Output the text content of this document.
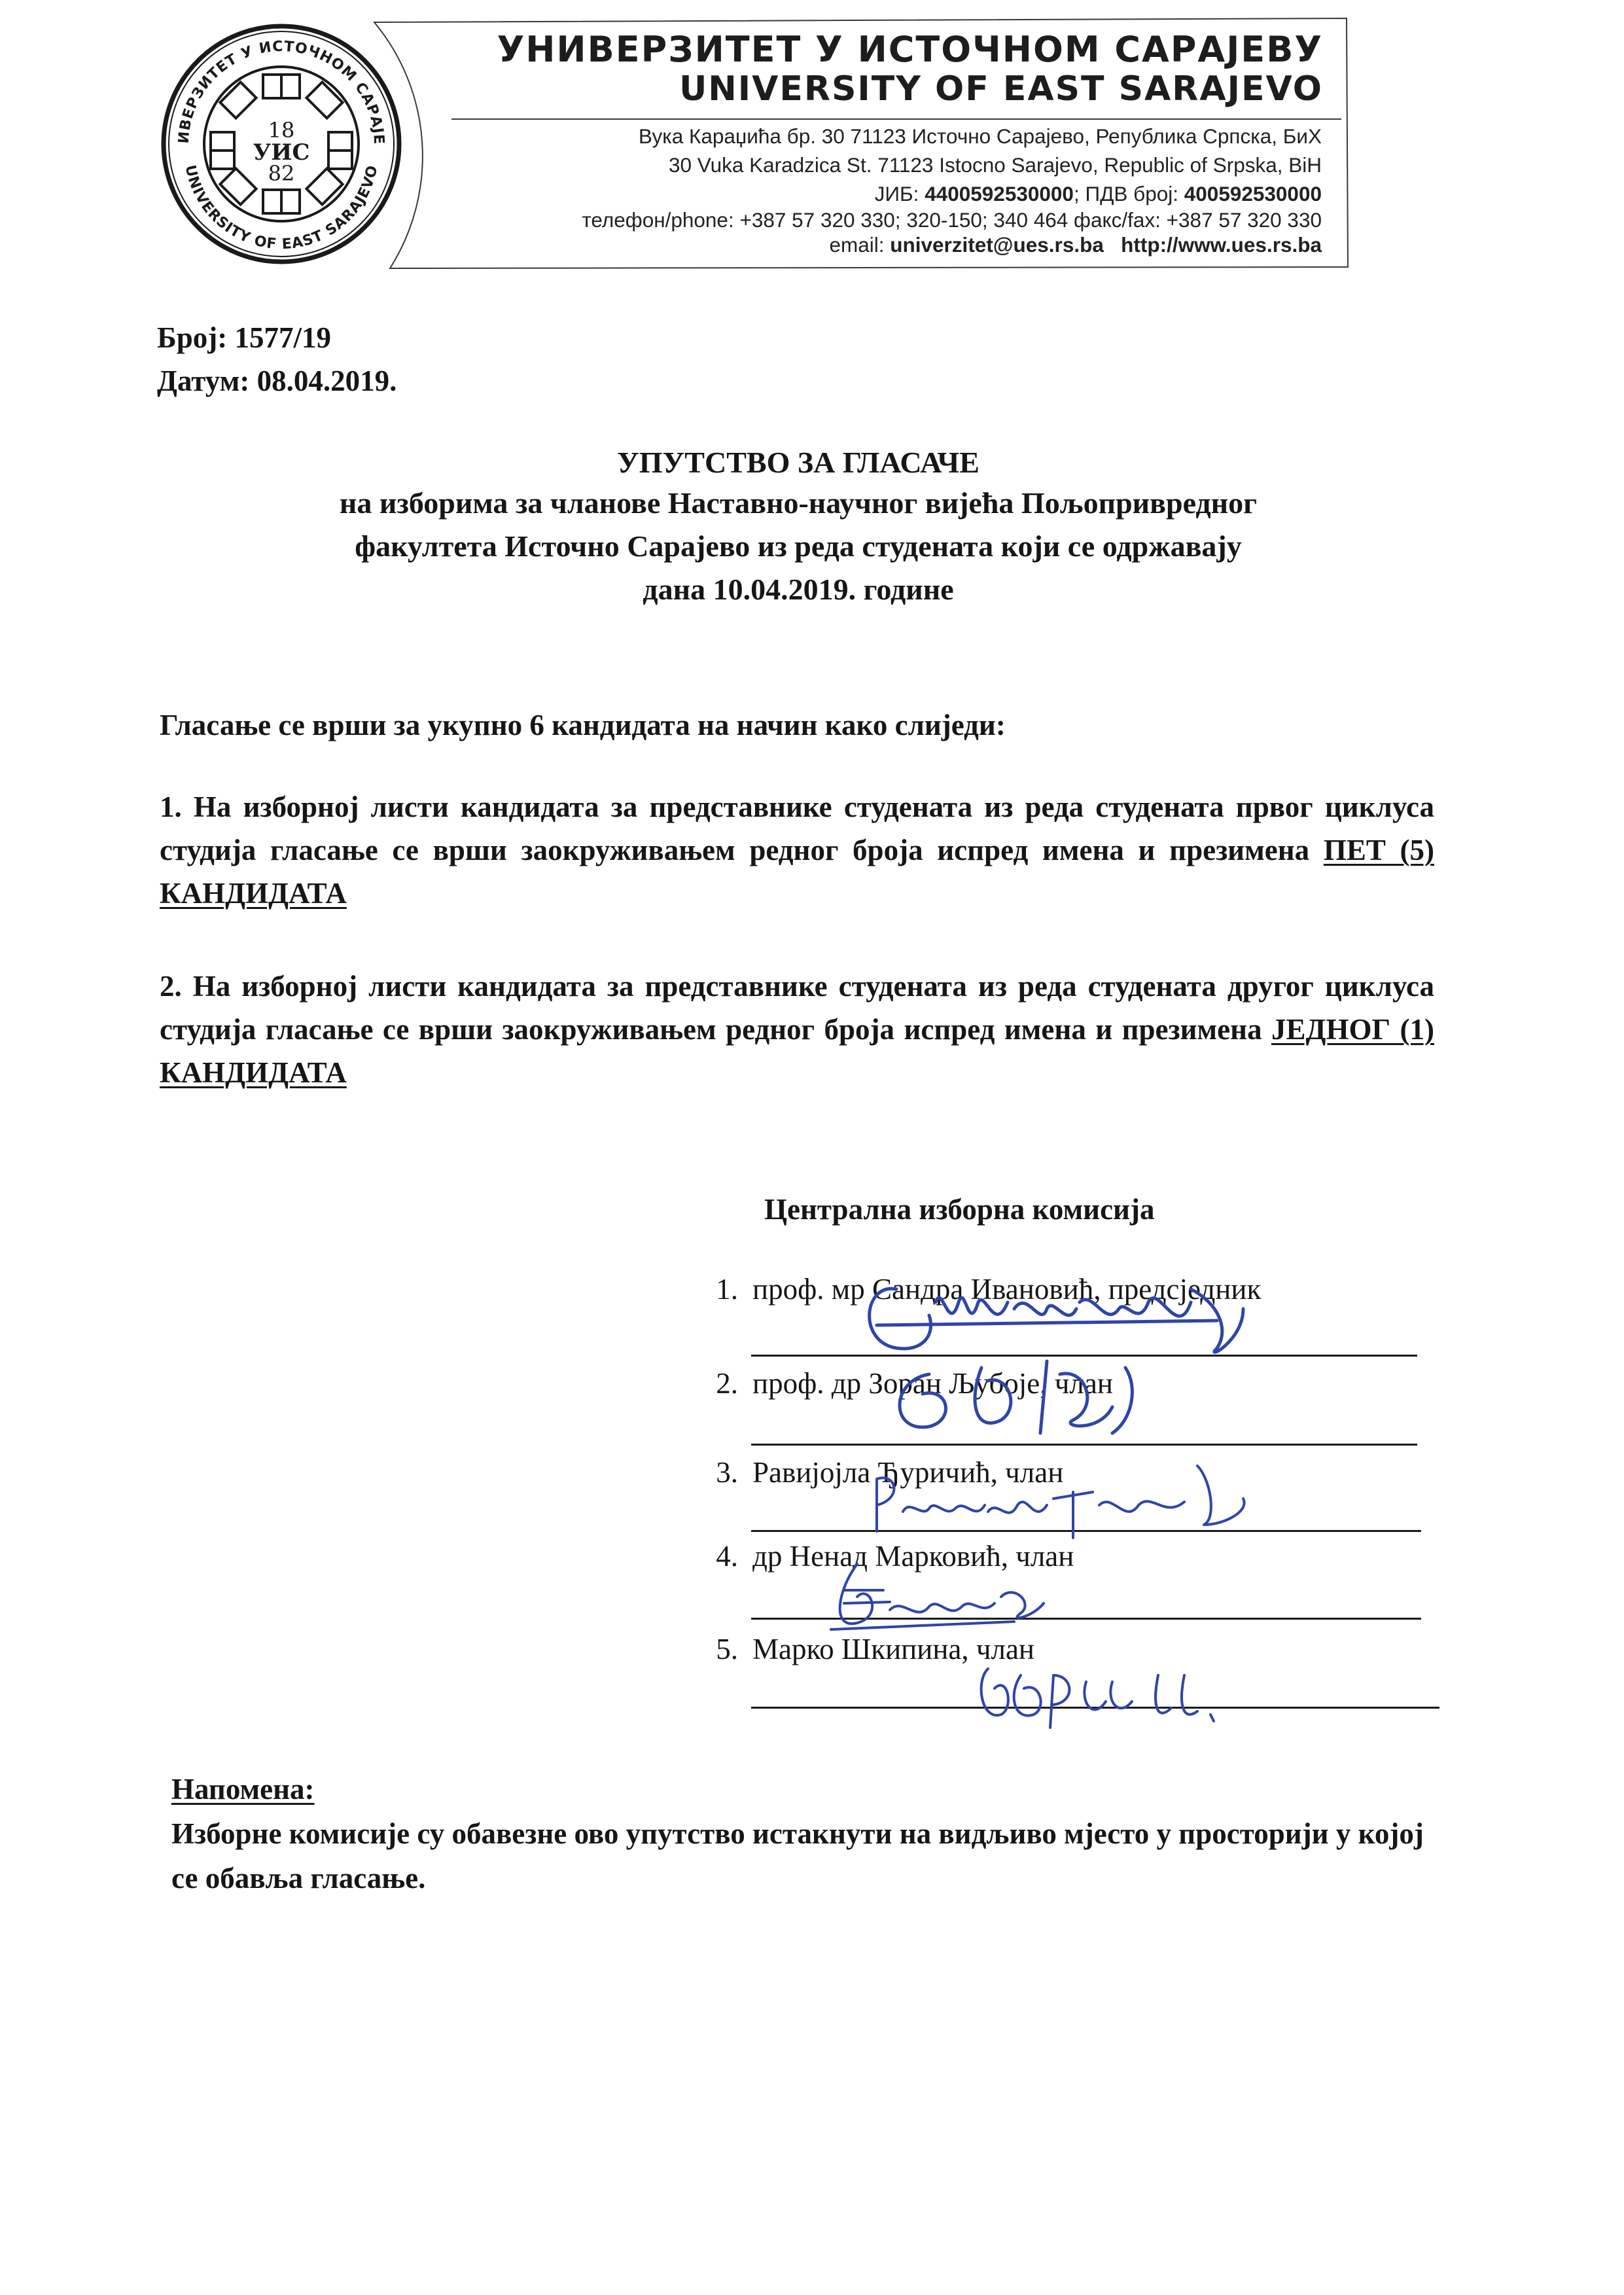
ИВЕРЗИТЕТ У ИСТОЧНОМ САРАЈЕ
UNIVERSITY OF EAST SARAJEVO
18
УИС
82
УНИВЕРЗИТЕТ У ИСТОЧНОМ САРАЈЕВУ
UNIVERSITY OF EAST SARAJEVO
Вука Караџића бр. 30 71123 Источно Сарајево, Република Српска, БиХ
30 Vuka Karadzica St. 71123 Istocno Sarajevo, Republic of Srpska, BiH
ЈИБ: 4400592530000; ПДВ број: 400592530000
телефон/phone: +387 57 320 330; 320-150; 340 464 факс/fax: +387 57 320 330
email: univerzitet@ues.rs.ba http://www.ues.rs.ba
Број: 1577/19
Датум: 08.04.2019.
УПУТСТВО ЗА ГЛАСАЧЕ
на изборима за чланове Наставно-научног вијећа Пољопривредног
факултета Источно Сарајево из реда студената који се одржавају
дана 10.04.2019. године
Гласање се врши за укупно 6 кандидата на начин како слиједи:
1. На изборној листи кандидата за представнике студената из реда студената првог циклуса студија гласање се врши заокруживањем редног броја испред имена и презимена ПЕТ (5) КАНДИДАТА
2. На изборној листи кандидата за представнике студената из реда студената другог циклуса студија гласање се врши заокруживањем редног броја испред имена и презимена ЈЕДНОГ (1) КАНДИДАТА
Централна изборна комисија
1. проф. мр Сандра Ивановић, предсједник
2. проф. др Зоран Љубоје, члан
3. Равијојла Ђуричић, члан
4. др Ненад Марковић, члан
5. Марко Шкипина, члан
Напомена:
Изборне комисије су обавезне ово упутство истакнути на видљиво мјесто у просторији у којој се обавља гласање.
